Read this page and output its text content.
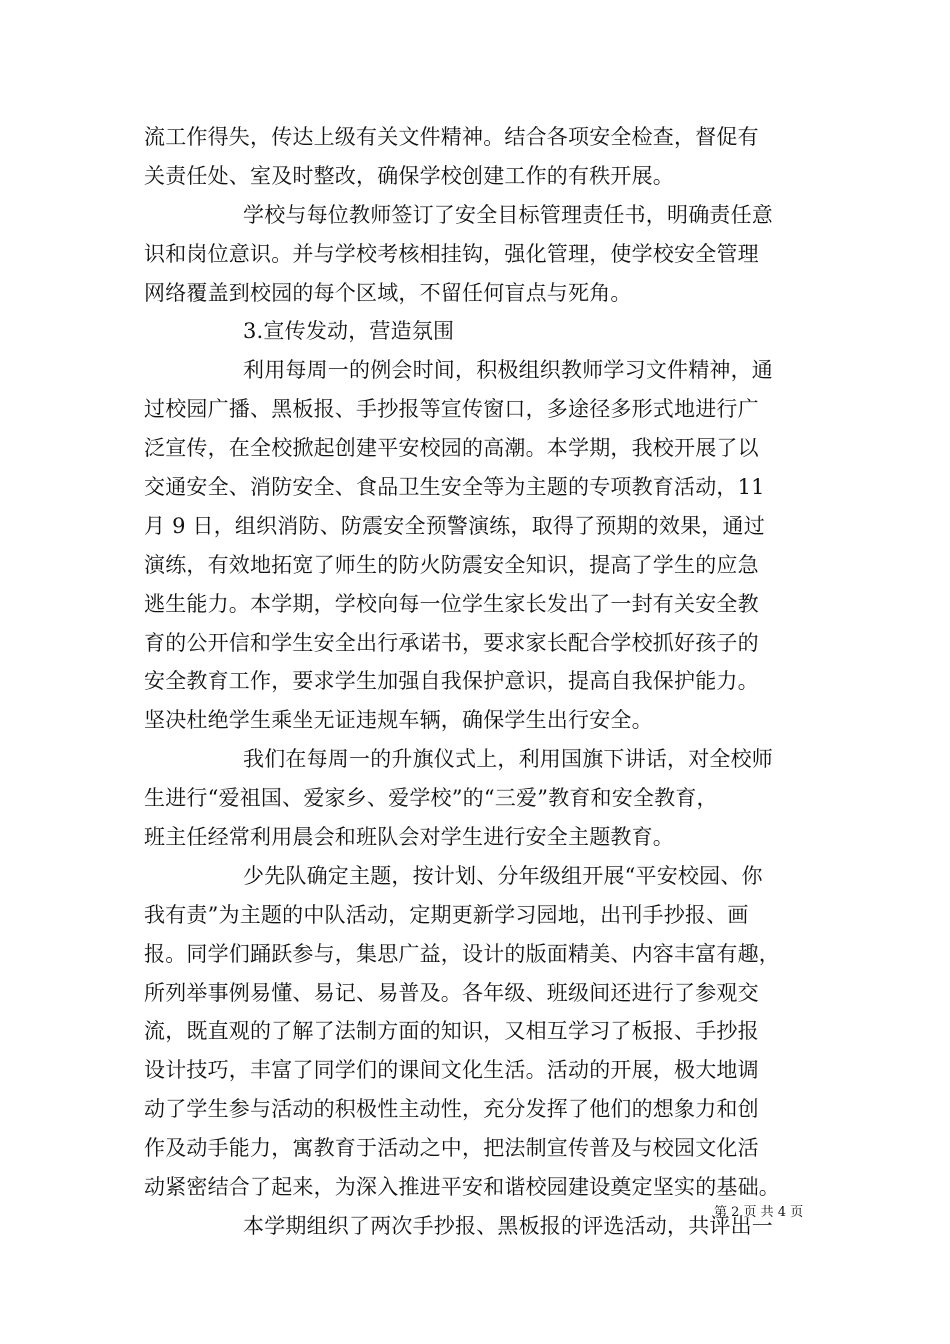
流工作得失，传达上级有关文件精神。结合各项安全检查，督促有
关责任处、室及时整改，确保学校创建工作的有秩开展。
学校与每位教师签订了安全目标管理责任书，明确责任意
识和岗位意识。并与学校考核相挂钩，强化管理，使学校安全管理
网络覆盖到校园的每个区域，不留任何盲点与死角。
3.宣传发动，营造氛围
利用每周一的例会时间，积极组织教师学习文件精神，通
过校园广播、黑板报、手抄报等宣传窗口，多途径多形式地进行广
泛宣传，在全校掀起创建平安校园的高潮。本学期，我校开展了以
交通安全、消防安全、食品卫生安全等为主题的专项教育活动，11
月 9 日，组织消防、防震安全预警演练，取得了预期的效果，通过
演练，有效地拓宽了师生的防火防震安全知识，提高了学生的应急
逃生能力。本学期，学校向每一位学生家长发出了一封有关安全教
育的公开信和学生安全出行承诺书，要求家长配合学校抓好孩子的
安全教育工作，要求学生加强自我保护意识，提高自我保护能力。
坚决杜绝学生乘坐无证违规车辆，确保学生出行安全。
我们在每周一的升旗仪式上，利用国旗下讲话，对全校师
生进行“爱祖国、爱家乡、爱学校”的“三爱”教育和安全教育，
班主任经常利用晨会和班队会对学生进行安全主题教育。
少先队确定主题，按计划、分年级组开展“平安校园、你
我有责”为主题的中队活动，定期更新学习园地，出刊手抄报、画
报。同学们踊跃参与，集思广益，设计的版面精美、内容丰富有趣，
所列举事例易懂、易记、易普及。各年级、班级间还进行了参观交
流，既直观的了解了法制方面的知识，又相互学习了板报、手抄报
设计技巧，丰富了同学们的课间文化生活。活动的开展，极大地调
动了学生参与活动的积极性主动性，充分发挥了他们的想象力和创
作及动手能力，寓教育于活动之中，把法制宣传普及与校园文化活
动紧密结合了起来，为深入推进平安和谐校园建设奠定坚实的基础。
本学期组织了两次手抄报、黑板报的评选活动，共评出一
第 2 页 共 4 页
